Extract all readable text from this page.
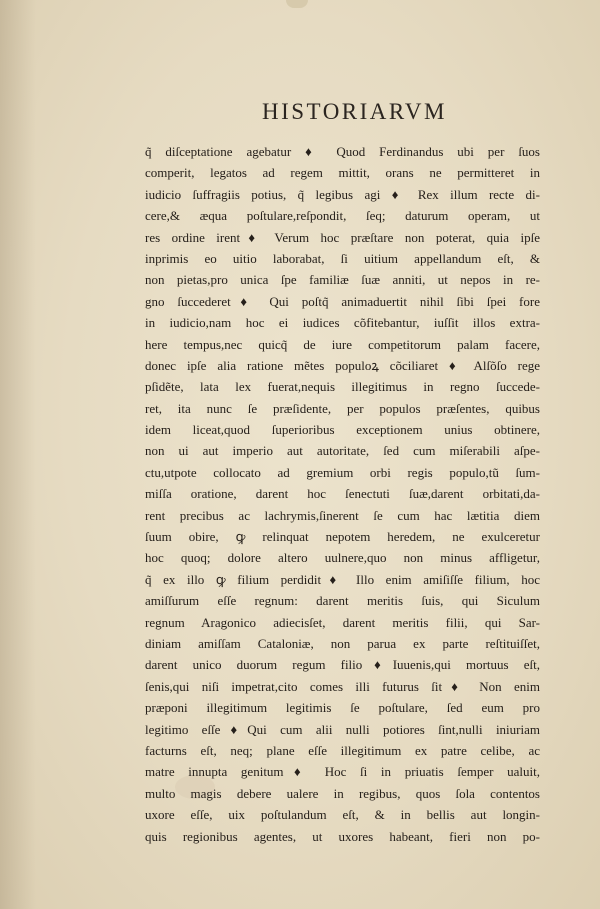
HISTORIARVM
q̃ diſceptatione agebatur ♦ Quod Ferdinandus ubi per ſuos
comperit, legatos ad regem mittit, orans ne permitteret in
iudicio ſuffragiis potius, q̃ legibus agi ♦ Rex illum recte di-
cere,& æqua poſtulare,reſpondit, ſeq; daturum operam, ut
res ordine irent♦ Verum hoc præſtare non poterat, quia ipſe
inprimis eo uitio laborabat, ſi uitium appellandum eſt, &
non pietas,pro unica ſpe familiæ ſuæ anniti, ut nepos in re-
gno ſuccederet♦ Qui poſtq̃ animaduertit nihil ſibi ſpei fore
in iudicio,nam hoc ei iudices cõfitebantur, iuſſit illos extra-
here tempus,nec quicq̃ de iure competitorum palam facere,
donec ipſe alia ratione mẽtes populoꝝ cõciliaret ♦ Alſõſo rege
pſidẽte, lata lex fuerat,nequis illegitimus in regno ſuccede-
ret, ita nunc ſe præſidente, per populos præſentes, quibus
idem liceat,quod ſuperioribus exceptionem unius obtinere,
non ui aut imperio aut autoritate, ſed cum miſerabili aſpe-
ctu,utpote collocato ad gremium orbi regis populo,tũ ſum-
miſſa oratione, darent hoc ſenectuti ſuæ,darent orbitati,da-
rent precibus ac lachrymis,ſinerent ſe cum hac lætitia diem
ſuum obire, ꝙ relinquat nepotem heredem, ne exulceretur
hoc quoq; dolore altero uulnere,quo non minus affligetur,
q̃ ex illo ꝙ filium perdidit♦ Illo enim amiſiſſe filium, hoc
amiſſurum eſſe regnum: darent meritis ſuis, qui Siculum
regnum Aragonico adiecisſet, darent meritis filii, qui Sar-
diniam amiſſam Cataloniæ, non parua ex parte reſtituiſſet,
darent unico duorum regum filio♦Iuuenis,qui mortuus eſt,
ſenis,qui niſi impetrat,cito comes illi futurus ſit♦ Non enim
præponi illegitimum legitimis ſe poſtulare, ſed eum pro
legitimo eſſe♦Qui cum alii nulli potiores ſint,nulli iniuriam
facturns eſt, neq; plane eſſe illegitimum ex patre celibe, ac
matre innupta genitum♦ Hoc ſi in priuatis ſemper ualuit,
multo magis debere ualere in regibus, quos ſola contentos
uxore eſſe, uix poſtulandum eſt, & in bellis aut longin-
quis regionibus agentes, ut uxores habeant, fieri non po-
